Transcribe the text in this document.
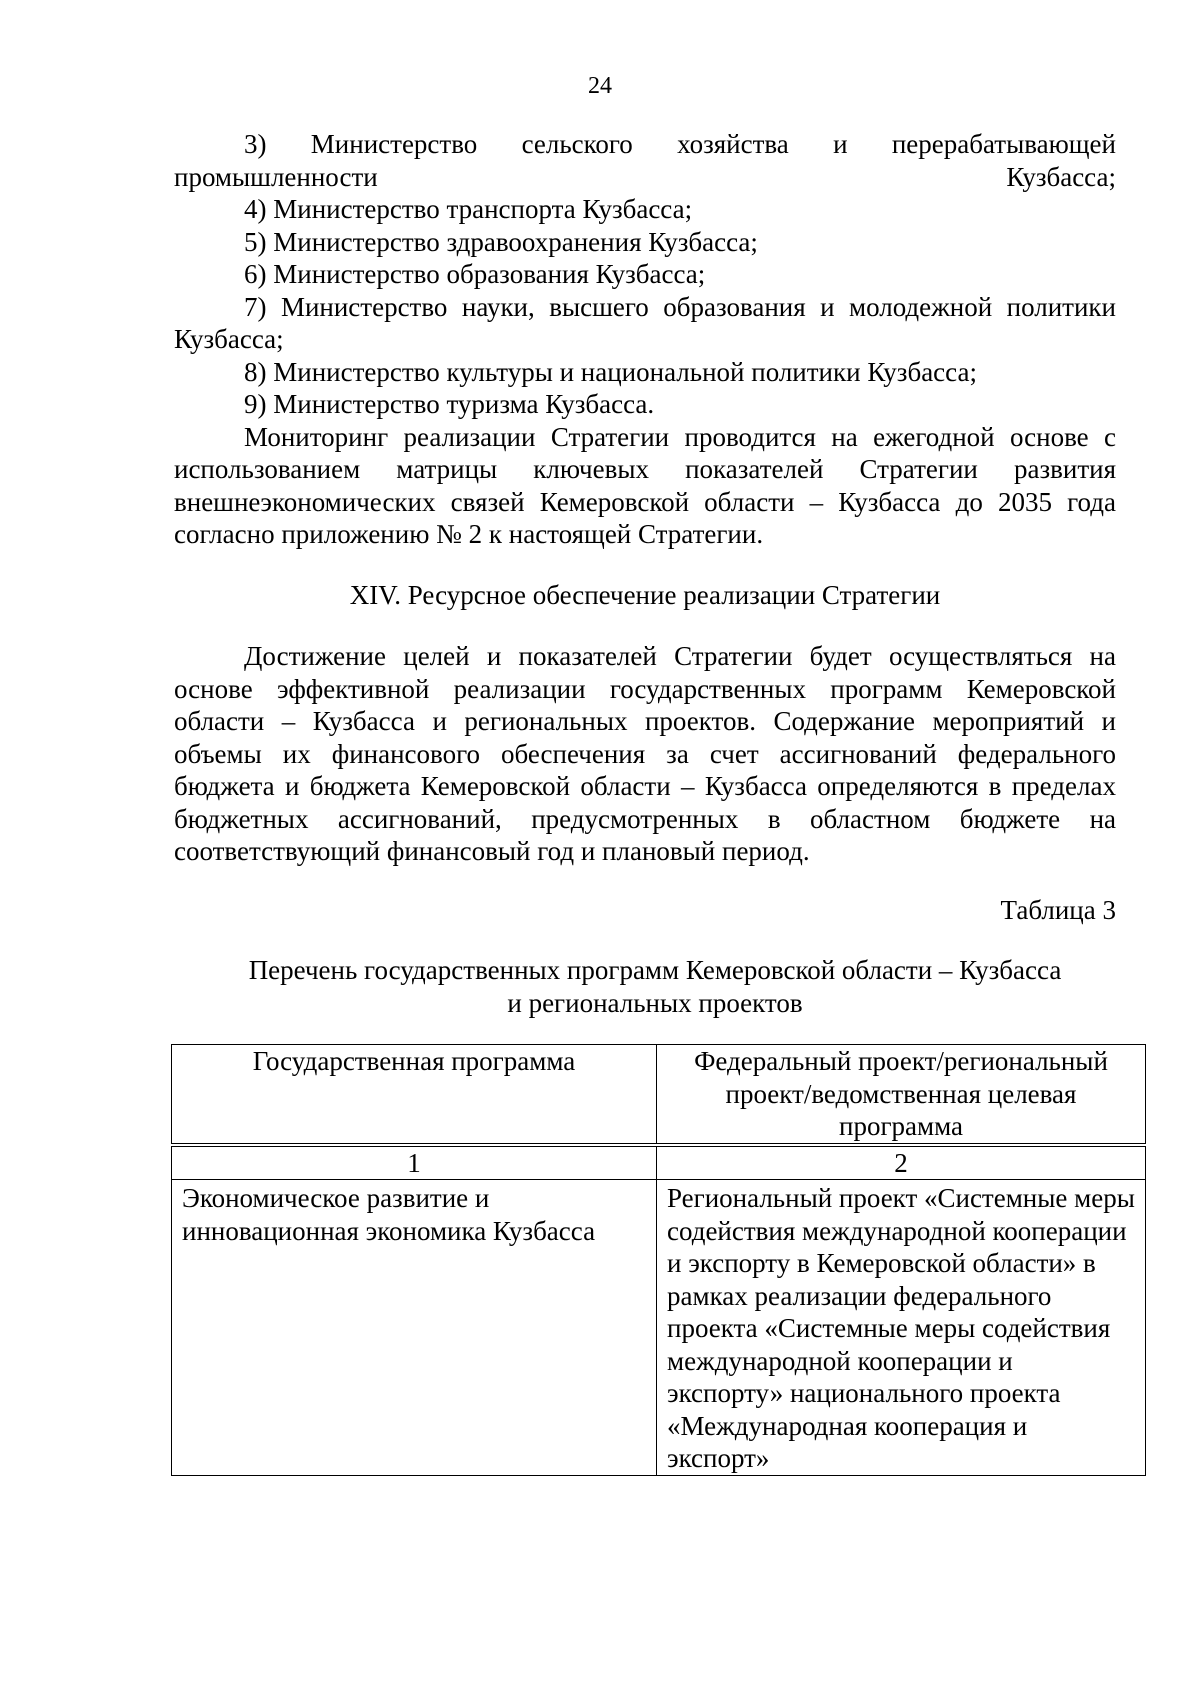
24

3) Министерство сельского хозяйства и перерабатывающей промышленности Кузбасса;

4) Министерство транспорта Кузбасса;

5) Министерство здравоохранения Кузбасса;

6) Министерство образования Кузбасса;

7) Министерство науки, высшего образования и молодежной политики Кузбасса;

8) Министерство культуры и национальной политики Кузбасса;

9) Министерство туризма Кузбасса.

Мониторинг реализации Стратегии проводится на ежегодной основе с использованием матрицы ключевых показателей Стратегии развития внешнеэкономических связей Кемеровской области – Кузбасса до 2035 года согласно приложению № 2 к настоящей Стратегии.

XIV. Ресурсное обеспечение реализации Стратегии

Достижение целей и показателей Стратегии будет осуществляться на основе эффективной реализации государственных программ Кемеровской области – Кузбасса и региональных проектов. Содержание мероприятий и объемы их финансового обеспечения за счет ассигнований федерального бюджета и бюджета Кемеровской области – Кузбасса определяются в пределах бюджетных ассигнований, предусмотренных в областном бюджете на соответствующий финансовый год и плановый период.

Таблица 3

Перечень государственных программ Кемеровской области – Кузбасса
и региональных проектов
Государственная программа	Федеральный проект/региональный проект/ведомственная целевая программа
1	2
Экономическое развитие и инновационная экономика Кузбасса	Региональный проект «Системные меры содействия международной кооперации и экспорту в Кемеровской области» в рамках реализации федерального проекта «Системные меры содействия международной кооперации и экспорту» национального проекта «Международная кооперация и экспорт»
